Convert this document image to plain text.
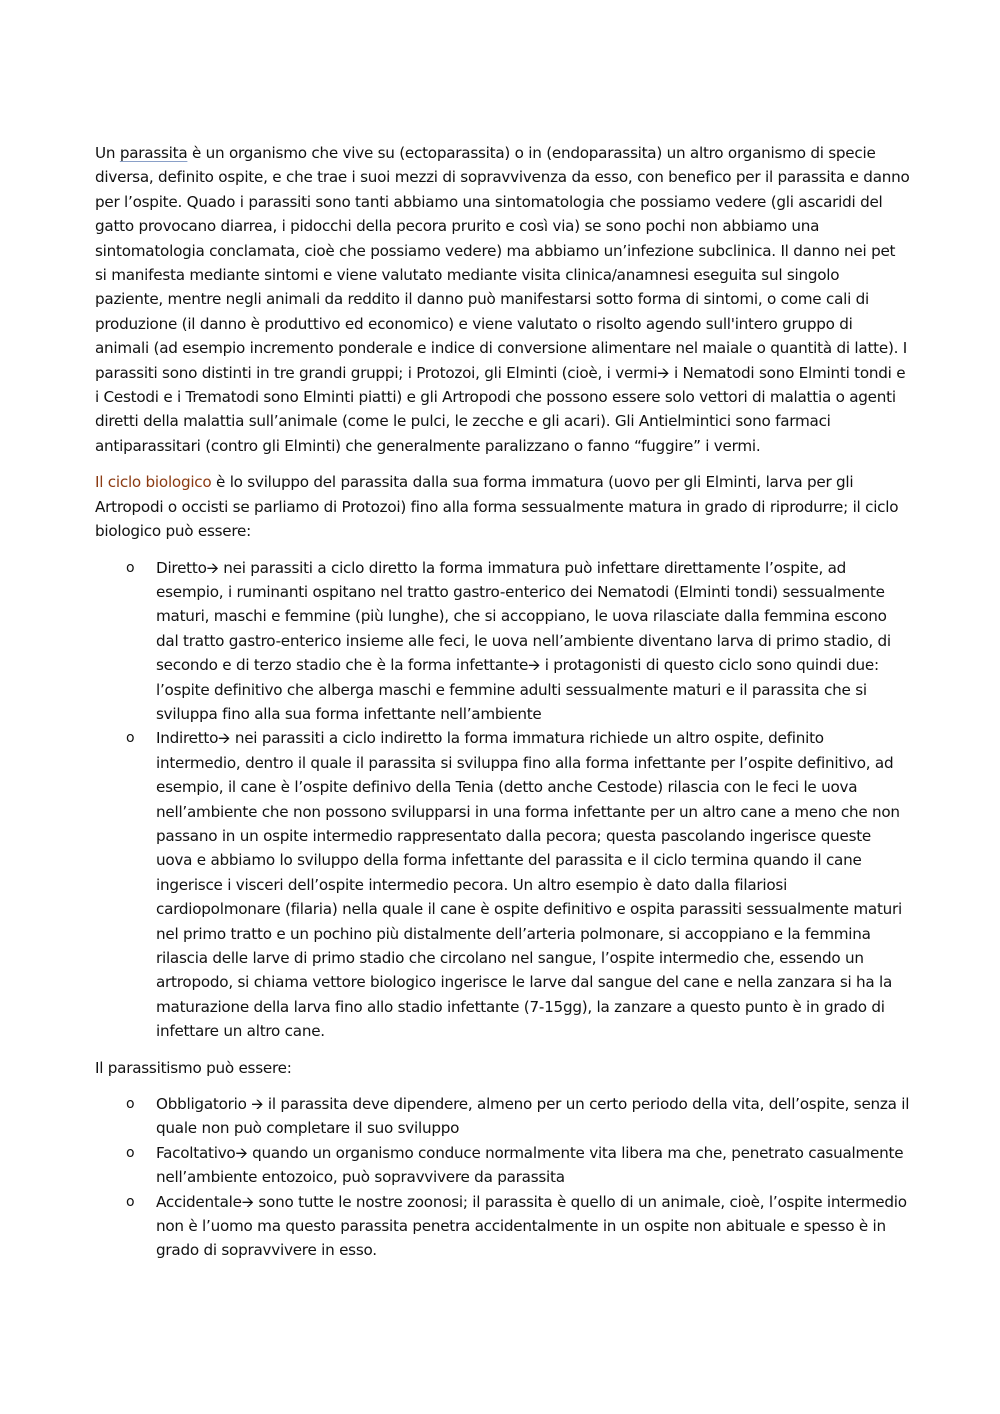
Un parassita è un organismo che vive su (ectoparassita) o in (endoparassita) un altro organismo di specie diversa, definito ospite, e che trae i suoi mezzi di sopravvivenza da esso, con benefico per il parassita e danno per l’ospite. Quado i parassiti sono tanti abbiamo una sintomatologia che possiamo vedere (gli ascaridi del gatto provocano diarrea, i pidocchi della pecora prurito e così via) se sono pochi non abbiamo una sintomatologia conclamata, cioè che possiamo vedere) ma abbiamo un’infezione subclinica. Il danno nei pet si manifesta mediante sintomi e viene valutato mediante visita clinica/anamnesi eseguita sul singolo paziente, mentre negli animali da reddito il danno può manifestarsi sotto forma di sintomi, o come cali di produzione (il danno è produttivo ed economico) e viene valutato o risolto agendo sull'intero gruppo di animali (ad esempio incremento ponderale e indice di conversione alimentare nel maiale o quantità di latte). I parassiti sono distinti in tre grandi gruppi; i Protozoi, gli Elminti (cioè, i vermi🡪 i Nematodi sono Elminti tondi e i Cestodi e i Trematodi sono Elminti piatti) e gli Artropodi che possono essere solo vettori di malattia o agenti diretti della malattia sull’animale (come le pulci, le zecche e gli acari). Gli Antielmintici sono farmaci antiparassitari (contro gli Elminti) che generalmente paralizzano o fanno “fuggire” i vermi.

Il ciclo biologico è lo sviluppo del parassita dalla sua forma immatura (uovo per gli Elminti, larva per gli Artropodi o occisti se parliamo di Protozoi) fino alla forma sessualmente matura in grado di riprodurre; il ciclo biologico può essere:

o Diretto🡪 nei parassiti a ciclo diretto la forma immatura può infettare direttamente l’ospite, ad esempio, i ruminanti ospitano nel tratto gastro-enterico dei Nematodi (Elminti tondi) sessualmente maturi, maschi e femmine (più lunghe), che si accoppiano, le uova rilasciate dalla femmina escono dal tratto gastro-enterico insieme alle feci, le uova nell’ambiente diventano larva di primo stadio, di secondo e di terzo stadio che è la forma infettante🡪 i protagonisti di questo ciclo sono quindi due: l’ospite definitivo che alberga maschi e femmine adulti sessualmente maturi e il parassita che si sviluppa fino alla sua forma infettante nell’ambiente
o Indiretto🡪 nei parassiti a ciclo indiretto la forma immatura richiede un altro ospite, definito intermedio, dentro il quale il parassita si sviluppa fino alla forma infettante per l’ospite definitivo, ad esempio, il cane è l’ospite definivo della Tenia (detto anche Cestode) rilascia con le feci le uova nell’ambiente che non possono svilupparsi in una forma infettante per un altro cane a meno che non passano in un ospite intermedio rappresentato dalla pecora; questa pascolando ingerisce queste uova e abbiamo lo sviluppo della forma infettante del parassita e il ciclo termina quando il cane ingerisce i visceri dell’ospite intermedio pecora. Un altro esempio è dato dalla filariosi cardiopolmonare (filaria) nella quale il cane è ospite definitivo e ospita parassiti sessualmente maturi nel primo tratto e un pochino più distalmente dell’arteria polmonare, si accoppiano e la femmina rilascia delle larve di primo stadio che circolano nel sangue, l’ospite intermedio che, essendo un artropodo, si chiama vettore biologico ingerisce le larve dal sangue del cane e nella zanzara si ha la maturazione della larva fino allo stadio infettante (7-15gg), la zanzare a questo punto è in grado di infettare un altro cane.

Il parassitismo può essere:

o Obbligatorio 🡪 il parassita deve dipendere, almeno per un certo periodo della vita, dell’ospite, senza il quale non può completare il suo sviluppo
o Facoltativo🡪 quando un organismo conduce normalmente vita libera ma che, penetrato casualmente nell’ambiente entozoico, può sopravvivere da parassita
o Accidentale🡪 sono tutte le nostre zoonosi; il parassita è quello di un animale, cioè, l’ospite intermedio non è l’uomo ma questo parassita penetra accidentalmente in un ospite non abituale e spesso è in grado di sopravvivere in esso.
